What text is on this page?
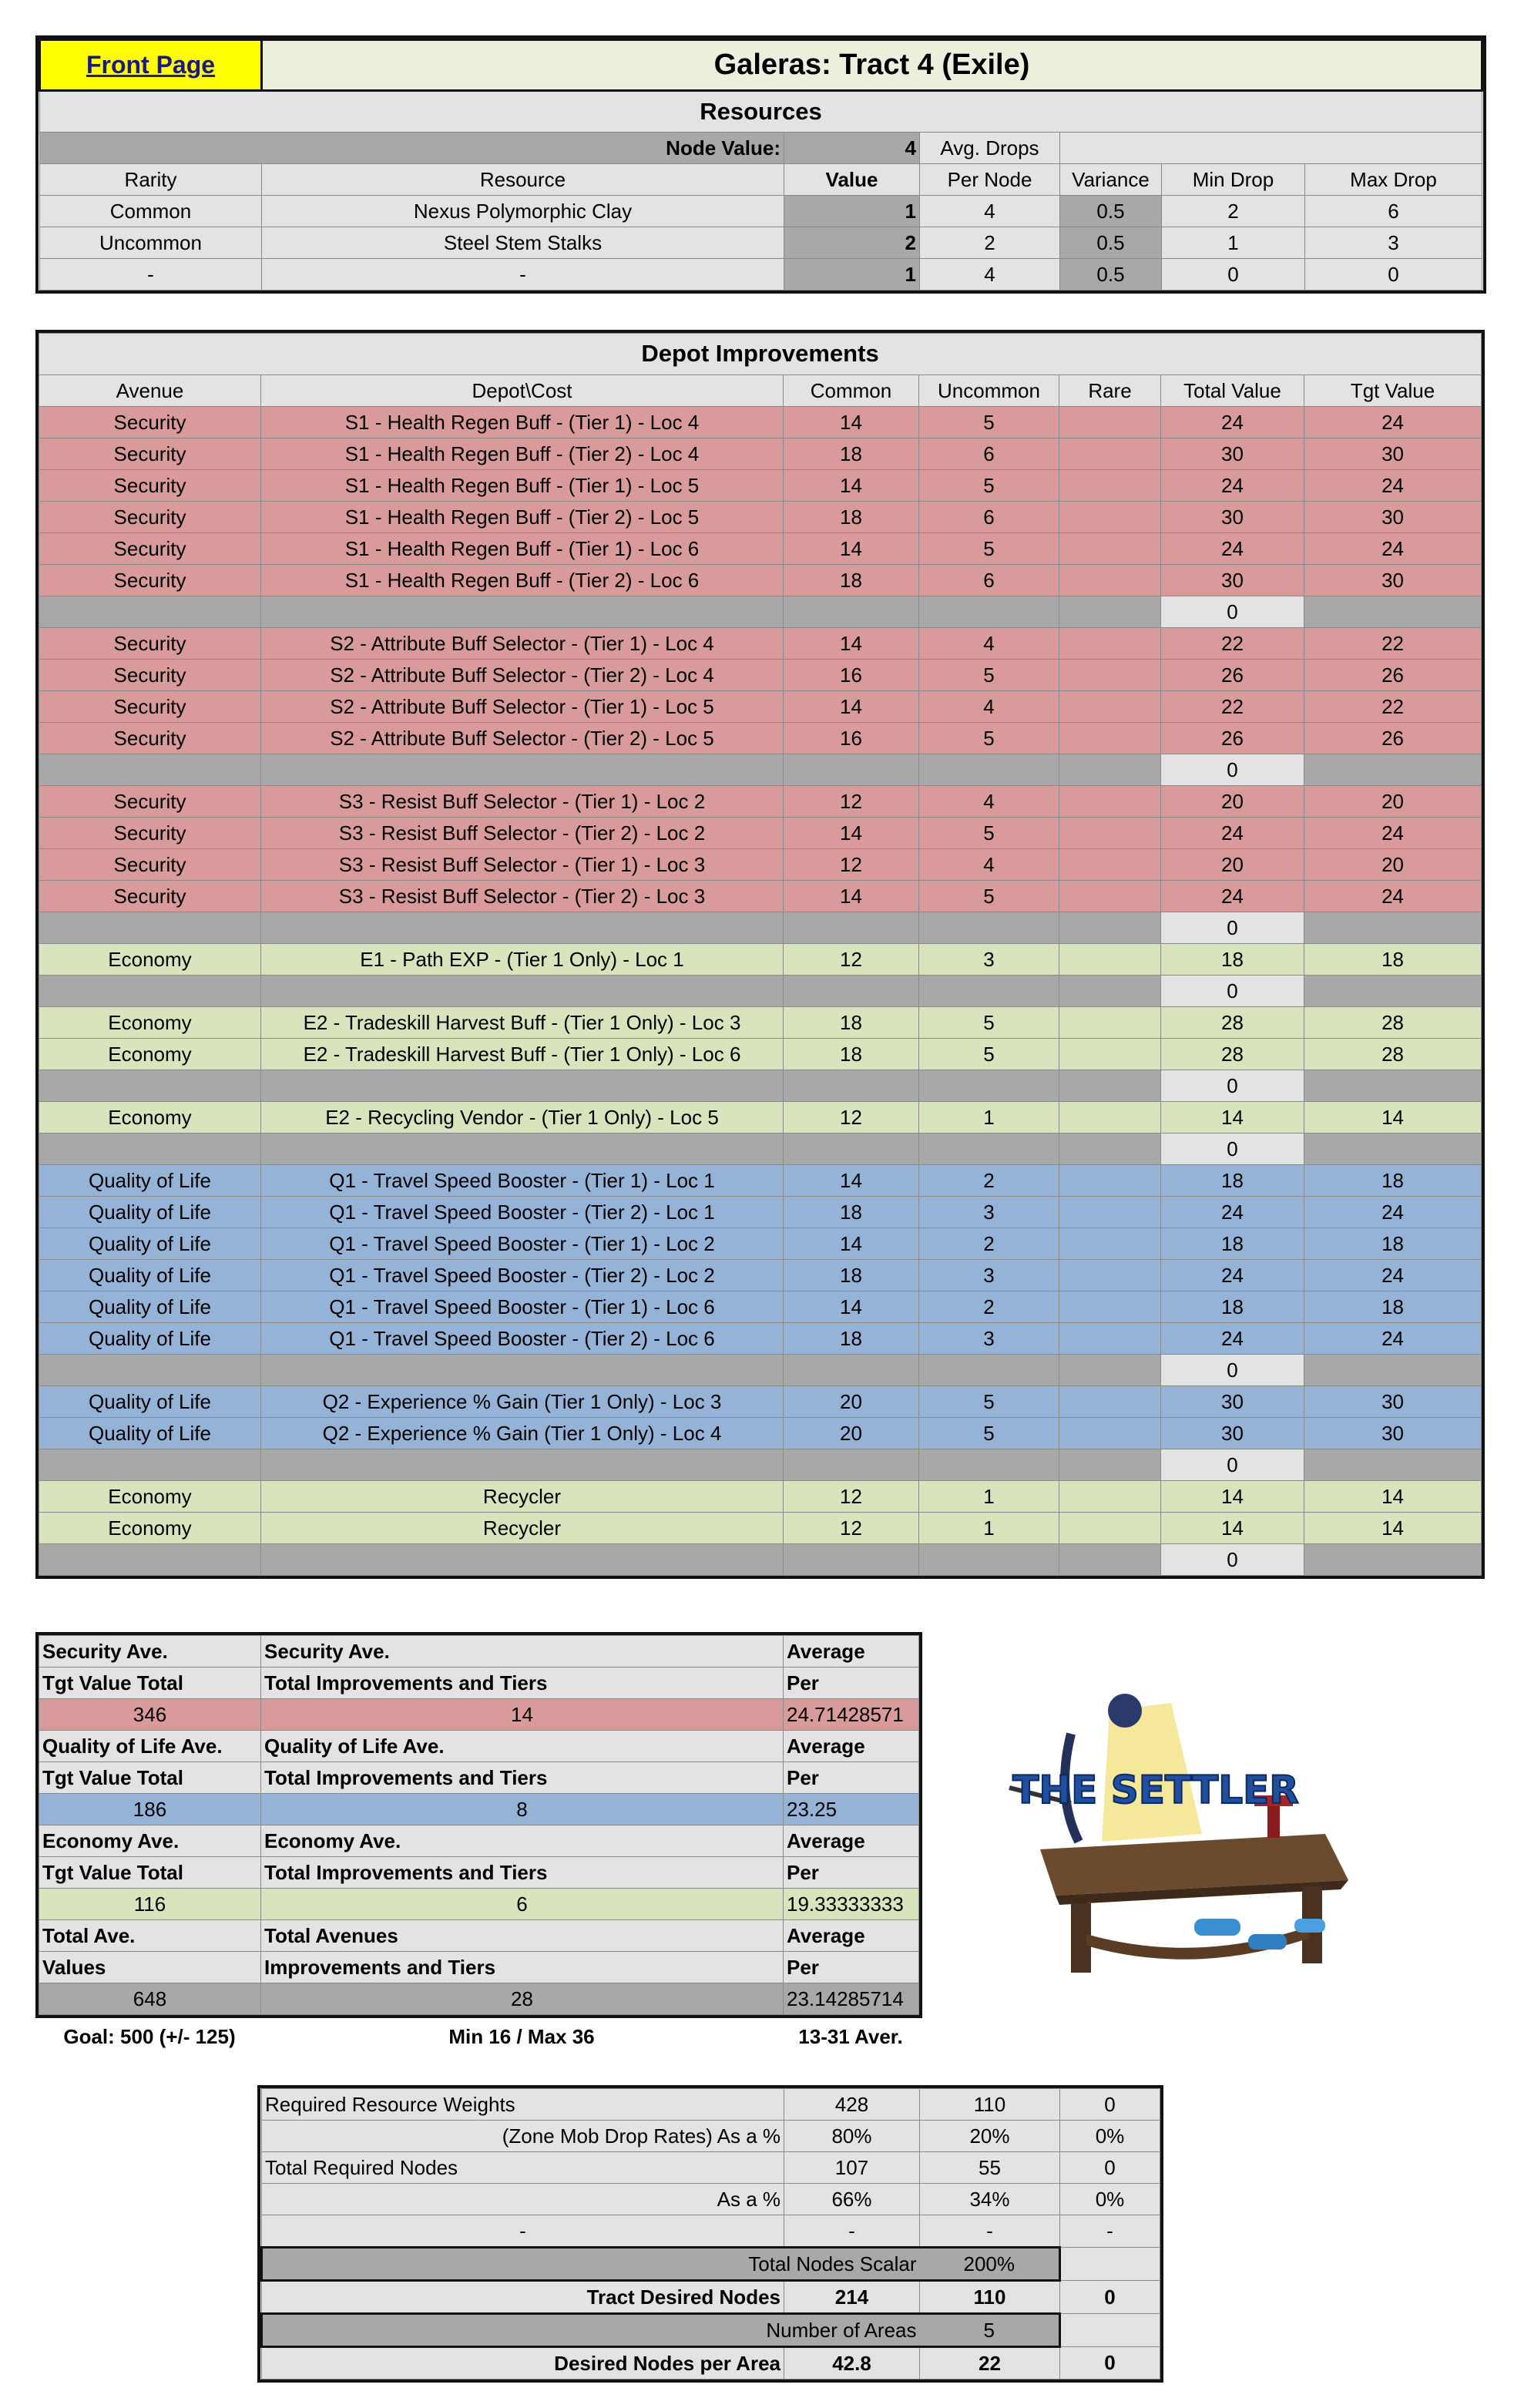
Front Page	Galeras: Tract 4 (Exile)					
Resources						
Node Value:		4	Avg. Drops			
Rarity	Resource	Value	Per Node	Variance	Min Drop	Max Drop
Common	Nexus Polymorphic Clay	1	4	0.5	2	6
Uncommon	Steel Stem Stalks	2	2	0.5	1	3
-	-	1	4	0.5	0	0
Depot Improvements						
Avenue	Depot\Cost	Common	Uncommon	Rare	Total Value	Tgt Value
Security	S1 - Health Regen Buff - (Tier 1) - Loc 4	14	5		24	24
Security	S1 - Health Regen Buff - (Tier 2) - Loc 4	18	6		30	30
Security	S1 - Health Regen Buff - (Tier 1) - Loc 5	14	5		24	24
Security	S1 - Health Regen Buff - (Tier 2) - Loc 5	18	6		30	30
Security	S1 - Health Regen Buff - (Tier 1) - Loc 6	14	5		24	24
Security	S1 - Health Regen Buff - (Tier 2) - Loc 6	18	6		30	30
					0	
Security	S2 - Attribute Buff Selector - (Tier 1) - Loc 4	14	4		22	22
Security	S2 - Attribute Buff Selector - (Tier 2) - Loc 4	16	5		26	26
Security	S2 - Attribute Buff Selector - (Tier 1) - Loc 5	14	4		22	22
Security	S2 - Attribute Buff Selector - (Tier 2) - Loc 5	16	5		26	26
					0	
Security	S3 - Resist Buff Selector - (Tier 1) - Loc 2	12	4		20	20
Security	S3 - Resist Buff Selector - (Tier 2) - Loc 2	14	5		24	24
Security	S3 - Resist Buff Selector - (Tier 1) - Loc 3	12	4		20	20
Security	S3 - Resist Buff Selector - (Tier 2) - Loc 3	14	5		24	24
					0	
Economy	E1 - Path EXP - (Tier 1 Only) - Loc 1	12	3		18	18
					0	
Economy	E2 - Tradeskill Harvest Buff - (Tier 1 Only) - Loc 3	18	5		28	28
Economy	E2 - Tradeskill Harvest Buff - (Tier 1 Only) - Loc 6	18	5		28	28
					0	
Economy	E2 - Recycling Vendor - (Tier 1 Only) - Loc 5	12	1		14	14
					0	
Quality of Life	Q1 - Travel Speed Booster - (Tier 1) - Loc 1	14	2		18	18
Quality of Life	Q1 - Travel Speed Booster - (Tier 2) - Loc 1	18	3		24	24
Quality of Life	Q1 - Travel Speed Booster - (Tier 1) - Loc 2	14	2		18	18
Quality of Life	Q1 - Travel Speed Booster - (Tier 2) - Loc 2	18	3		24	24
Quality of Life	Q1 - Travel Speed Booster - (Tier 1) - Loc 6	14	2		18	18
Quality of Life	Q1 - Travel Speed Booster - (Tier 2) - Loc 6	18	3		24	24
					0	
Quality of Life	Q2 - Experience % Gain (Tier 1 Only) - Loc 3	20	5		30	30
Quality of Life	Q2 - Experience % Gain (Tier 1 Only) - Loc 4	20	5		30	30
					0	
Economy	Recycler	12	1		14	14
Economy	Recycler	12	1		14	14
					0	
Security Ave.	Security Ave.	Average
Tgt Value Total	Total Improvements and Tiers	Per
346	14	24.71428571
Quality of Life Ave.	Quality of Life Ave.	Average
Tgt Value Total	Total Improvements and Tiers	Per
186	8	23.25
Economy Ave.	Economy Ave.	Average
Tgt Value Total	Total Improvements and Tiers	Per
116	6	19.33333333
Total Ave.	Total Avenues	Average
Values	Improvements and Tiers	Per
648	28	23.14285714
Goal: 500 (+/- 125)	Min 16 / Max 36	13-31 Aver.
THE SETTLER
Required Resource Weights	428	110	0
(Zone Mob Drop Rates) As a %	80%	20%	0%
Total Required Nodes	107	55	0
As a %	66%	34%	0%
-	-	-	-
Total Nodes Scalar		200%	
Tract Desired Nodes	214	110	0
Number of Areas		5	
Desired Nodes per Area	42.8	22	0
